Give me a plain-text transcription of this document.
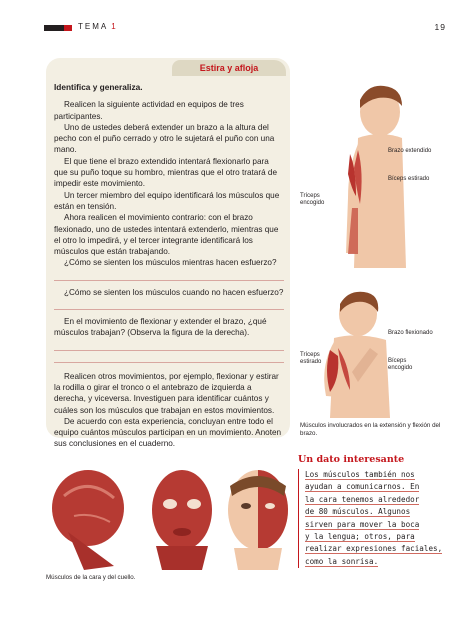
TEMA 1	19
Estira y afloja

Identifica y generaliza.

Realicen la siguiente actividad en equipos de tres participantes.

Uno de ustedes deberá extender un brazo a la altura del pecho con el puño cerrado y otro le sujetará el puño con una mano.

El que tiene el brazo extendido intentará flexionarlo para que su puño toque su hombro, mientras que el otro tratará de impedir este movimiento.

Un tercer miembro del equipo identificará los músculos que están en tensión.

Ahora realicen el movimiento contrario: con el brazo flexionado, uno de ustedes intentará extenderlo, mientras que el otro lo impedirá, y el tercer integrante identificará los músculos que están trabajando.

¿Cómo se sienten los músculos mientras hacen esfuerzo?

¿Cómo se sienten los músculos cuando no hacen esfuerzo?

En el movimiento de flexionar y extender el brazo, ¿qué músculos trabajan? (Observa la figura de la derecha).

Realicen otros movimientos, por ejemplo, flexionar y estirar la rodilla o girar el tronco o el antebrazo de izquierda a derecha, y viceversa. Investiguen para identificar cuántos y cuáles son los músculos que trabajan en estos movimientos.

De acuerdo con esta experiencia, concluyan entre todo el equipo cuántos músculos participan en un movimiento. Anoten sus conclusiones en el cuaderno.

Brazo extendido
Bíceps estirado
Tríceps encogido
Brazo flexionado
Tríceps estirado	Bíceps encogido
Músculos involucrados en la extensión y flexión del brazo.
Músculos de la cara y del cuello.
Un dato interesante
Los músculos también nos
ayudan a comunicarnos. En
la cara tenemos alrededor
de 80 músculos. Algunos
sirven para mover la boca
y la lengua; otros, para
realizar expresiones faciales,
como la sonrisa.
